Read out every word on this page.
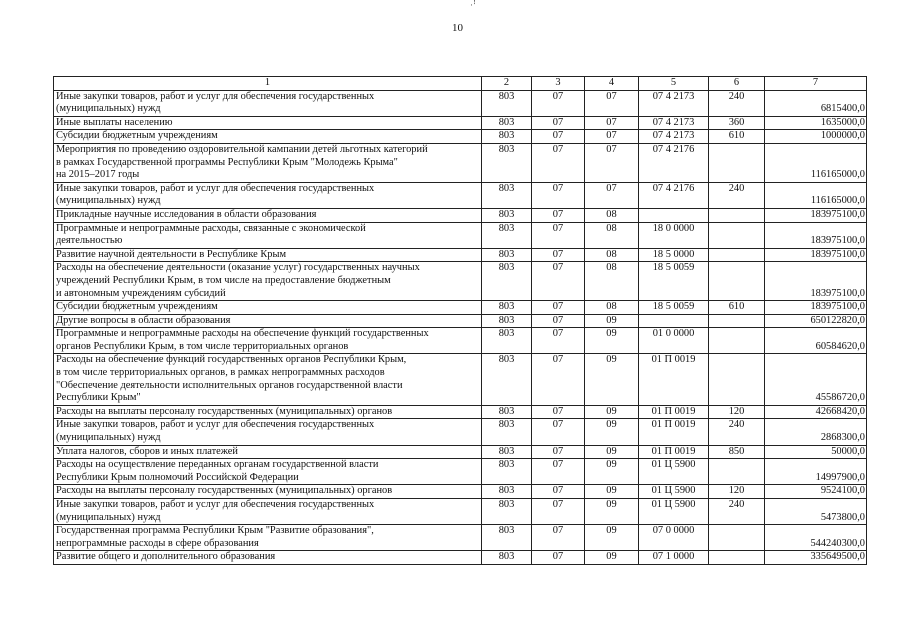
·ꜝ
10
1	2	3	4	5	6	7
Иные закупки товаров, работ и услуг для обеспечения государственных
(муниципальных) нужд	803	07	07	07 4 2173	240	6815400,0
Иные выплаты населению	803	07	07	07 4 2173	360	1635000,0
Субсидии бюджетным учреждениям	803	07	07	07 4 2173	610	1000000,0
Мероприятия по проведению оздоровительной кампании детей льготных категорий
в рамках Государственной программы Республики Крым "Молодежь Крыма"
на 2015–2017 годы	803	07	07	07 4 2176		116165000,0
Иные закупки товаров, работ и услуг для обеспечения государственных
(муниципальных) нужд	803	07	07	07 4 2176	240	116165000,0
Прикладные научные исследования в области образования	803	07	08			183975100,0
Программные и непрограммные расходы, связанные с экономической
деятельностью	803	07	08	18 0 0000		183975100,0
Развитие научной деятельности в Республике Крым	803	07	08	18 5 0000		183975100,0
Расходы на обеспечение деятельности (оказание услуг) государственных научных
учреждений Республики Крым, в том числе на предоставление бюджетным
и автономным учреждениям субсидий	803	07	08	18 5 0059		183975100,0
Субсидии бюджетным учреждениям	803	07	08	18 5 0059	610	183975100,0
Другие вопросы в области образования	803	07	09			650122820,0
Программные и непрограммные расходы на обеспечение функций государственных
органов Республики Крым, в том числе территориальных органов	803	07	09	01 0 0000		60584620,0
Расходы на обеспечение функций государственных органов Республики Крым,
в том числе территориальных органов, в рамках непрограммных расходов
"Обеспечение деятельности исполнительных органов государственной власти
Республики Крым"	803	07	09	01 П 0019		45586720,0
Расходы на выплаты персоналу государственных (муниципальных) органов	803	07	09	01 П 0019	120	42668420,0
Иные закупки товаров, работ и услуг для обеспечения государственных
(муниципальных) нужд	803	07	09	01 П 0019	240	2868300,0
Уплата налогов, сборов и иных платежей	803	07	09	01 П 0019	850	50000,0
Расходы на осуществление переданных органам государственной власти
Республики Крым полномочий Российской Федерации	803	07	09	01 Ц 5900		14997900,0
Расходы на выплаты персоналу государственных (муниципальных) органов	803	07	09	01 Ц 5900	120	9524100,0
Иные закупки товаров, работ и услуг для обеспечения государственных
(муниципальных) нужд	803	07	09	01 Ц 5900	240	5473800,0
Государственная программа Республики Крым "Развитие образования",
непрограммные расходы в сфере образования	803	07	09	07 0 0000		544240300,0
Развитие общего и дополнительного образования	803	07	09	07 1 0000		335649500,0
